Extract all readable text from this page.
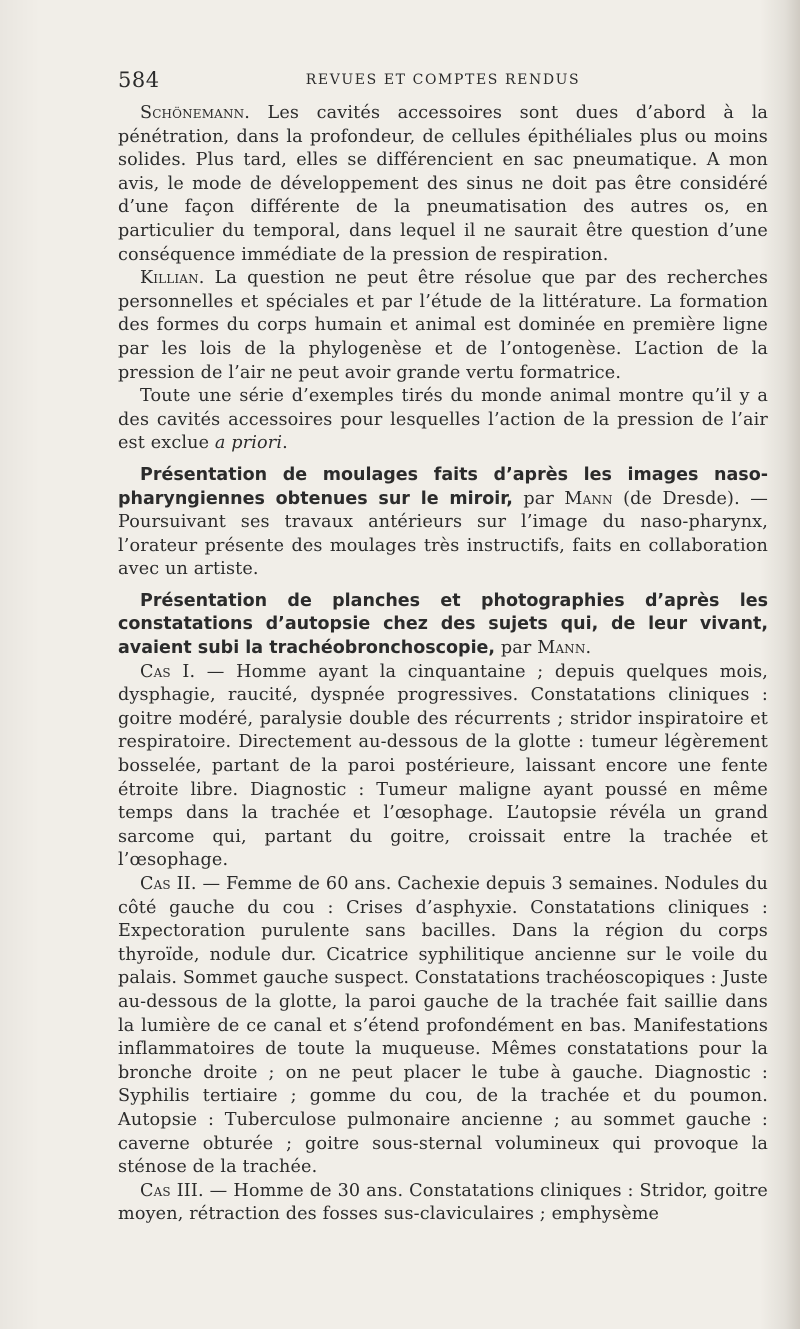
584	REVUES ET COMPTES RENDUS

Schönemann. Les cavités accessoires sont dues d’abord à la pénétration, dans la profondeur, de cellules épithéliales plus ou moins solides. Plus tard, elles se différencient en sac pneumatique. A mon avis, le mode de développement des sinus ne doit pas être considéré d’une façon différente de la pneumatisation des autres os, en particulier du temporal, dans lequel il ne saurait être question d’une conséquence immédiate de la pression de respiration.

Killian. La question ne peut être résolue que par des recherches personnelles et spéciales et par l’étude de la littérature. La formation des formes du corps humain et animal est dominée en première ligne par les lois de la phylogenèse et de l’ontogenèse. L’action de la pression de l’air ne peut avoir grande vertu formatrice.

Toute une série d’exemples tirés du monde animal montre qu’il y a des cavités accessoires pour lesquelles l’action de la pression de l’air est exclue a priori.

Présentation de moulages faits d’après les images naso-pharyngiennes obtenues sur le miroir, par Mann (de Dresde). — Poursuivant ses travaux antérieurs sur l’image du naso-pharynx, l’orateur présente des moulages très instructifs, faits en collaboration avec un artiste.

Présentation de planches et photographies d’après les constatations d’autopsie chez des sujets qui, de leur vivant, avaient subi la trachéobronchoscopie, par Mann.

Cas I. — Homme ayant la cinquantaine ; depuis quelques mois, dysphagie, raucité, dyspnée progressives. Constatations cliniques : goitre modéré, paralysie double des récurrents ; stridor inspiratoire et respiratoire. Directement au-dessous de la glotte : tumeur légèrement bosselée, partant de la paroi postérieure, laissant encore une fente étroite libre. Diagnostic : Tumeur maligne ayant poussé en même temps dans la trachée et l’œsophage. L’autopsie révéla un grand sarcome qui, partant du goitre, croissait entre la trachée et l’œsophage.

Cas II. — Femme de 60 ans. Cachexie depuis 3 semaines. Nodules du côté gauche du cou : Crises d’asphyxie. Constatations cliniques : Expectoration purulente sans bacilles. Dans la région du corps thyroïde, nodule dur. Cicatrice syphilitique ancienne sur le voile du palais. Sommet gauche suspect. Constatations trachéoscopiques : Juste au-dessous de la glotte, la paroi gauche de la trachée fait saillie dans la lumière de ce canal et s’étend profondément en bas. Manifestations inflammatoires de toute la muqueuse. Mêmes constatations pour la bronche droite ; on ne peut placer le tube à gauche. Diagnostic : Syphilis tertiaire ; gomme du cou, de la trachée et du poumon. Autopsie : Tuberculose pulmonaire ancienne ; au sommet gauche : caverne obturée ; goitre sous-sternal volumineux qui provoque la sténose de la trachée.

Cas III. — Homme de 30 ans. Constatations cliniques : Stridor, goitre moyen, rétraction des fosses sus-claviculaires ; emphysème
